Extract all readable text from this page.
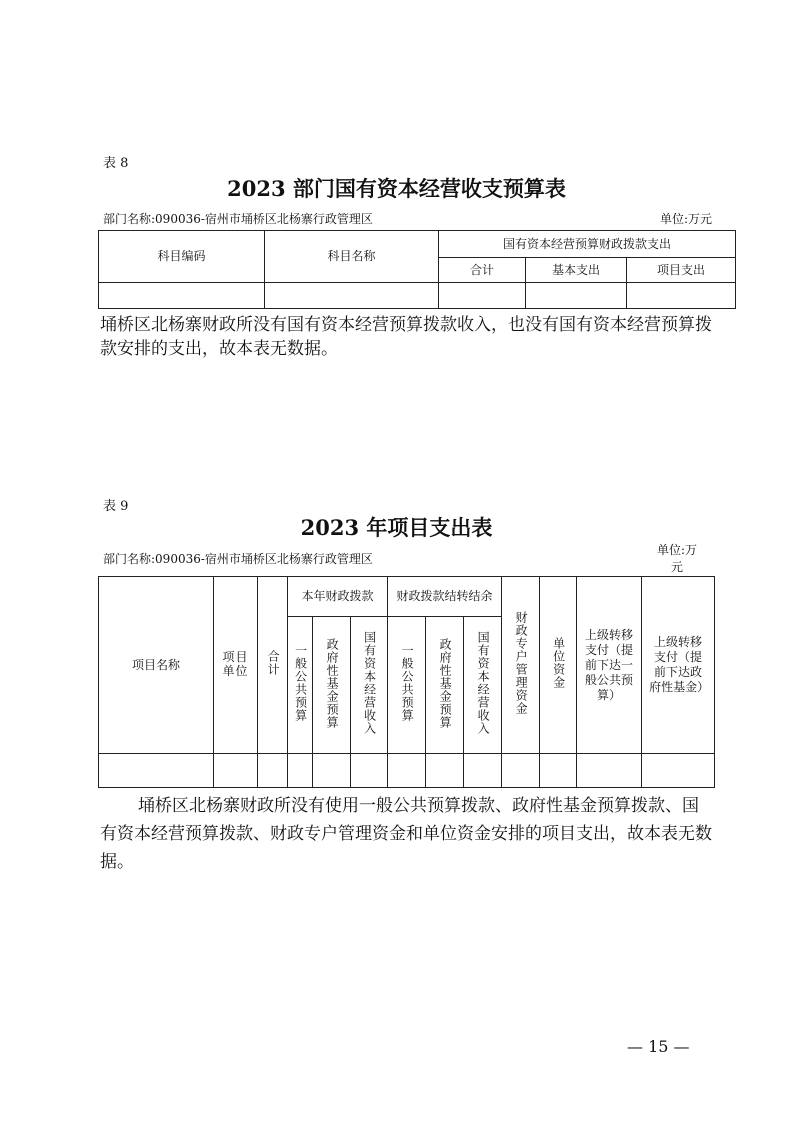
表 8
2023 部门国有资本经营收支预算表
部门名称:090036-宿州市埇桥区北杨寨行政管理区	单位:万元
科目编码	科目名称	国有资本经营预算财政拨款支出		
		合计	基本支出	项目支出

埇桥区北杨寨财政所没有国有资本经营预算拨款收入，也没有国有资本经营预算拨款安排的支出，故本表无数据。
表 9
2023 年项目支出表
部门名称:090036-宿州市埇桥区北杨寨行政管理区
单位:万元
项目名称	项目单位	合计	本年财政拨款			财政拨款结转结余			财政专户管理资金	单位资金	上级转移支付（提前下达一般公共预算）	上级转移支付（提前下达政府性基金）
			一般公共预算	政府性基金预算	国有资本经营收入	一般公共预算	政府性基金预算	国有资本经营收入				

埇桥区北杨寨财政所没有使用一般公共预算拨款、政府性基金预算拨款、国有资本经营预算拨款、财政专户管理资金和单位资金安排的项目支出，故本表无数据。
— 15 —
